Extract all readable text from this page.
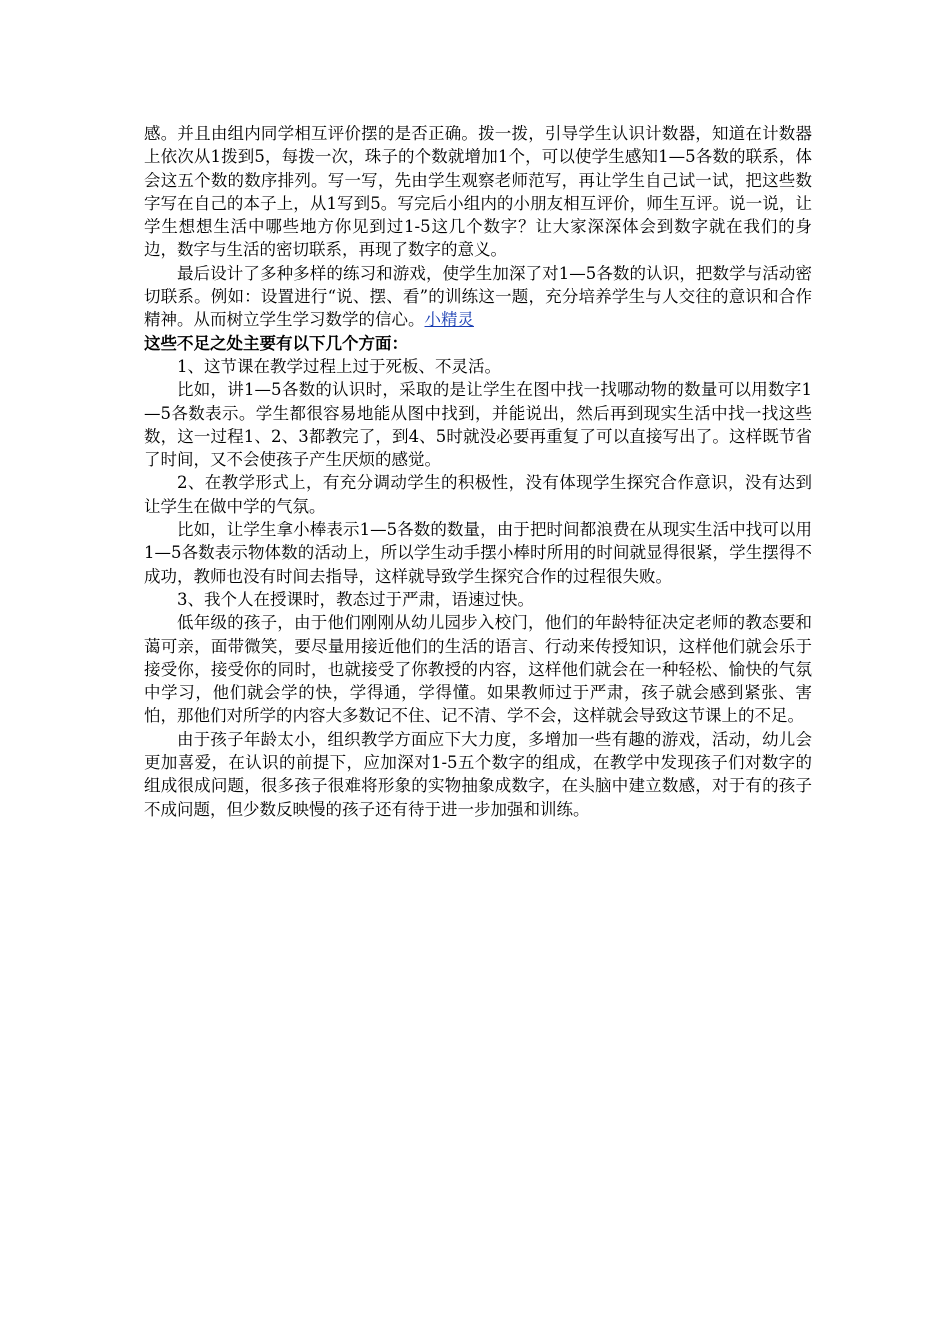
感。并且由组内同学相互评价摆的是否正确。拨一拨，引导学生认识计数器，知道在计数器上依次从1拨到5，每拨一次，珠子的个数就增加1个，可以使学生感知1—5各数的联系，体会这五个数的数序排列。写一写，先由学生观察老师范写，再让学生自己试一试，把这些数字写在自己的本子上，从1写到5。写完后小组内的小朋友相互评价，师生互评。说一说，让学生想想生活中哪些地方你见到过1-5这几个数字？让大家深深体会到数字就在我们的身边，数字与生活的密切联系，再现了数字的意义。

最后设计了多种多样的练习和游戏，使学生加深了对1—5各数的认识，把数学与活动密切联系。例如：设置进行“说、摆、看”的训练这一题，充分培养学生与人交往的意识和合作精神。从而树立学生学习数学的信心。小精灵

这些不足之处主要有以下几个方面：

1、这节课在教学过程上过于死板、不灵活。

比如，讲1—5各数的认识时，采取的是让学生在图中找一找哪动物的数量可以用数字1—5各数表示。学生都很容易地能从图中找到，并能说出，然后再到现实生活中找一找这些数，这一过程1、2、3都教完了，到4、5时就没必要再重复了可以直接写出了。这样既节省了时间，又不会使孩子产生厌烦的感觉。

2、在教学形式上，有充分调动学生的积极性，没有体现学生探究合作意识，没有达到让学生在做中学的气氛。

比如，让学生拿小棒表示1—5各数的数量，由于把时间都浪费在从现实生活中找可以用1—5各数表示物体数的活动上，所以学生动手摆小棒时所用的时间就显得很紧，学生摆得不成功，教师也没有时间去指导，这样就导致学生探究合作的过程很失败。

3、我个人在授课时，教态过于严肃，语速过快。

低年级的孩子，由于他们刚刚从幼儿园步入校门，他们的年龄特征决定老师的教态要和蔼可亲，面带微笑，要尽量用接近他们的生活的语言、行动来传授知识，这样他们就会乐于接受你，接受你的同时，也就接受了你教授的内容，这样他们就会在一种轻松、愉快的气氛中学习，他们就会学的快，学得通，学得懂。如果教师过于严肃，孩子就会感到紧张、害怕，那他们对所学的内容大多数记不住、记不清、学不会，这样就会导致这节课上的不足。

由于孩子年龄太小，组织教学方面应下大力度，多增加一些有趣的游戏，活动，幼儿会更加喜爱，在认识的前提下，应加深对1-5五个数字的组成，在教学中发现孩子们对数字的组成很成问题，很多孩子很难将形象的实物抽象成数字，在头脑中建立数感，对于有的孩子不成问题，但少数反映慢的孩子还有待于进一步加强和训练。
